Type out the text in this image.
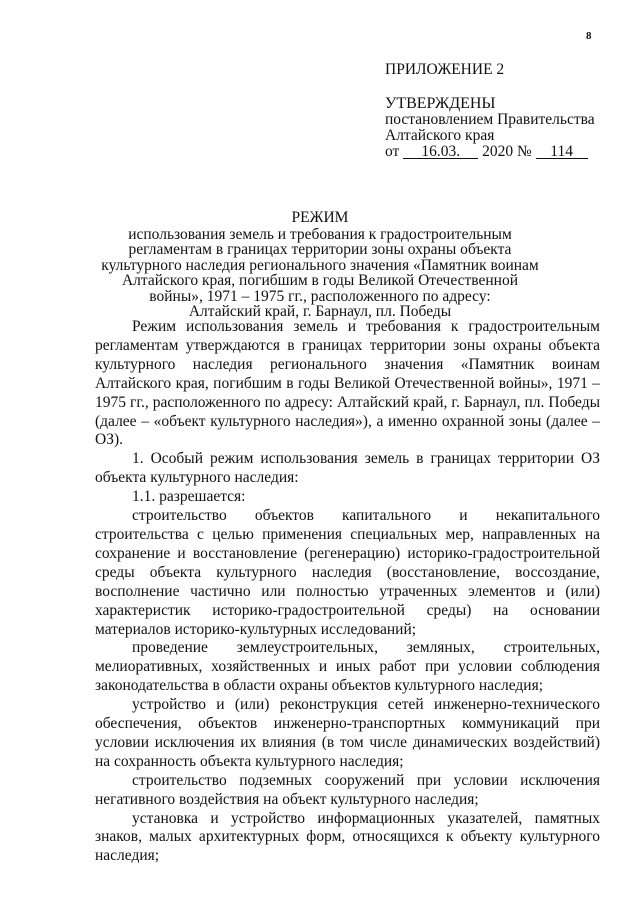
8
ПРИЛОЖЕНИЕ 2
УТВЕРЖДЕНЫ
постановлением Правительства
Алтайского края
от 16.03. 2020 № 114
РЕЖИМ
использования земель и требования к градостроительным
регламентам в границах территории зоны охраны объекта
культурного наследия регионального значения «Памятник воинам
Алтайского края, погибшим в годы Великой Отечественной
войны», 1971 – 1975 гг., расположенного по адресу:
Алтайский край, г. Барнаул, пл. Победы

Режим использования земель и требования к градостроительным регламентам утверждаются в границах территории зоны охраны объекта культурного наследия регионального значения «Памятник воинам Алтайского края, погибшим в годы Великой Отечественной войны», 1971 – 1975 гг., расположенного по адресу: Алтайский край, г. Барнаул, пл. Победы (далее – «объект культурного наследия»), а именно охранной зоны (далее – ОЗ).

1. Особый режим использования земель в границах территории ОЗ объекта культурного наследия:

1.1. разрешается:

строительство объектов капитального и некапитального строительства с целью применения специальных мер, направленных на сохранение и восстановление (регенерацию) историко-градостроительной среды объекта культурного наследия (восстановление, воссоздание, восполнение частично или полностью утраченных элементов и (или) характеристик историко-градостроительной среды) на основании материалов историко-культурных исследований;

проведение землеустроительных, земляных, строительных, мелиоративных, хозяйственных и иных работ при условии соблюдения законодательства в области охраны объектов культурного наследия;

устройство и (или) реконструкция сетей инженерно-технического обеспечения, объектов инженерно-транспортных коммуникаций при условии исключения их влияния (в том числе динамических воздействий) на сохранность объекта культурного наследия;

строительство подземных сооружений при условии исключения негативного воздействия на объект культурного наследия;

установка и устройство информационных указателей, памятных знаков, малых архитектурных форм, относящихся к объекту культурного наследия;
